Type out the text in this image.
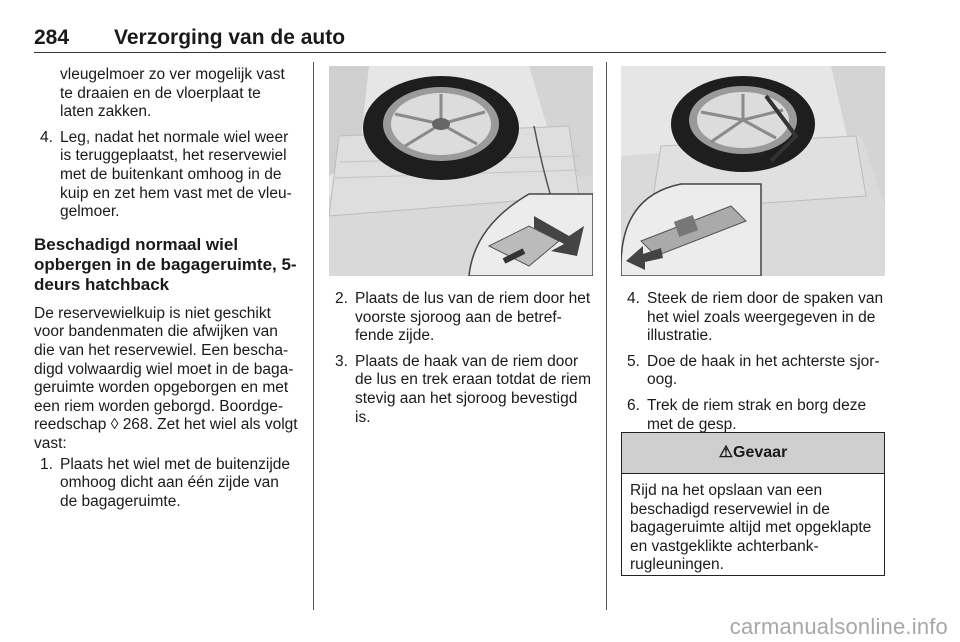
284 Verzorging van de auto

vleugelmoer zo ver mogelijk vast te draaien en de vloerplaat te laten zakken.

4. Leg, nadat het normale wiel weer is teruggeplaatst, het reservewiel met de buitenkant omhoog in de kuip en zet hem vast met de vleugelmoer.

Beschadigd normaal wiel opbergen in de bagageruimte, 5-deurs hatchback

De reservewielkuip is niet geschikt voor bandenmaten die afwijken van die van het reservewiel. Een beschadigd volwaardig wiel moet in de bagageruimte worden opgeborgen en met een riem worden geborgd. Boordgereedschap ◊ 268. Zet het wiel als volgt vast:

1. Plaats het wiel met de buitenzijde omhoog dicht aan één zijde van de bagageruimte.

2. Plaats de lus van de riem door het voorste sjoroog aan de betreffende zijde.

3. Plaats de haak van de riem door de lus en trek eraan totdat de riem stevig aan het sjoroog bevestigd is.

4. Steek de riem door de spaken van het wiel zoals weergegeven in de illustratie.

5. Doe de haak in het achterste sjoroog.

6. Trek de riem strak en borg deze met de gesp.

⚠Gevaar
Rijd na het opslaan van een beschadigd reservewiel in de bagageruimte altijd met opgeklapte en vastgeklikte achterbankrugleuningen.
carmanualsonline.info
